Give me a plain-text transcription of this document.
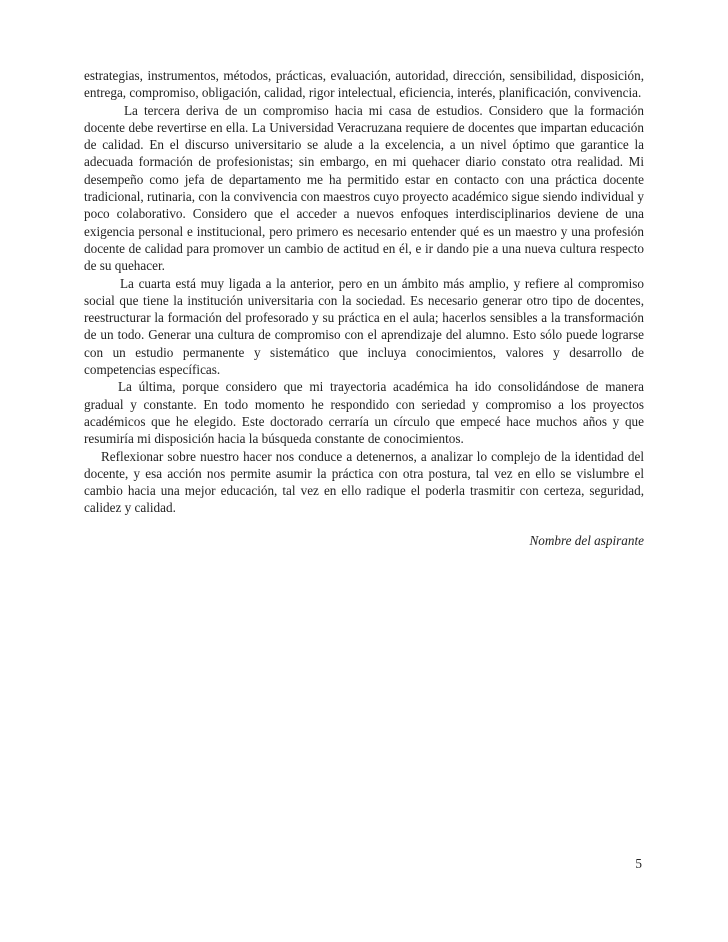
estrategias, instrumentos, métodos, prácticas, evaluación, autoridad, dirección, sensibilidad, disposición, entrega, compromiso, obligación, calidad, rigor intelectual, eficiencia, interés, planificación, convivencia.

La tercera deriva de un compromiso hacia mi casa de estudios. Considero que la formación docente debe revertirse en ella. La Universidad Veracruzana requiere de docentes que impartan educación de calidad. En el discurso universitario se alude a la excelencia, a un nivel óptimo que garantice la adecuada formación de profesionistas; sin embargo, en mi quehacer diario constato otra realidad. Mi desempeño como jefa de departamento me ha permitido estar en contacto con una práctica docente tradicional, rutinaria, con la convivencia con maestros cuyo proyecto académico sigue siendo individual y poco colaborativo. Considero que el acceder a nuevos enfoques interdisciplinarios deviene de una exigencia personal e institucional, pero primero es necesario entender qué es un maestro y una profesión docente de calidad para promover un cambio de actitud en él, e ir dando pie a una nueva cultura respecto de su quehacer.

La cuarta está muy ligada a la anterior, pero en un ámbito más amplio, y refiere al compromiso social que tiene la institución universitaria con la sociedad. Es necesario generar otro tipo de docentes, reestructurar la formación del profesorado y su práctica en el aula; hacerlos sensibles a la transformación de un todo. Generar una cultura de compromiso con el aprendizaje del alumno. Esto sólo puede lograrse con un estudio permanente y sistemático que incluya conocimientos, valores y desarrollo de competencias específicas.

La última, porque considero que mi trayectoria académica ha ido consolidándose de manera gradual y constante. En todo momento he respondido con seriedad y compromiso a los proyectos académicos que he elegido. Este doctorado cerraría un círculo que empecé hace muchos años y que resumiría mi disposición hacia la búsqueda constante de conocimientos.

Reflexionar sobre nuestro hacer nos conduce a detenernos, a analizar lo complejo de la identidad del docente, y esa acción nos permite asumir la práctica con otra postura, tal vez en ello se vislumbre el cambio hacia una mejor educación, tal vez en ello radique el poderla trasmitir con certeza, seguridad, calidez y calidad.

Nombre del aspirante
5
